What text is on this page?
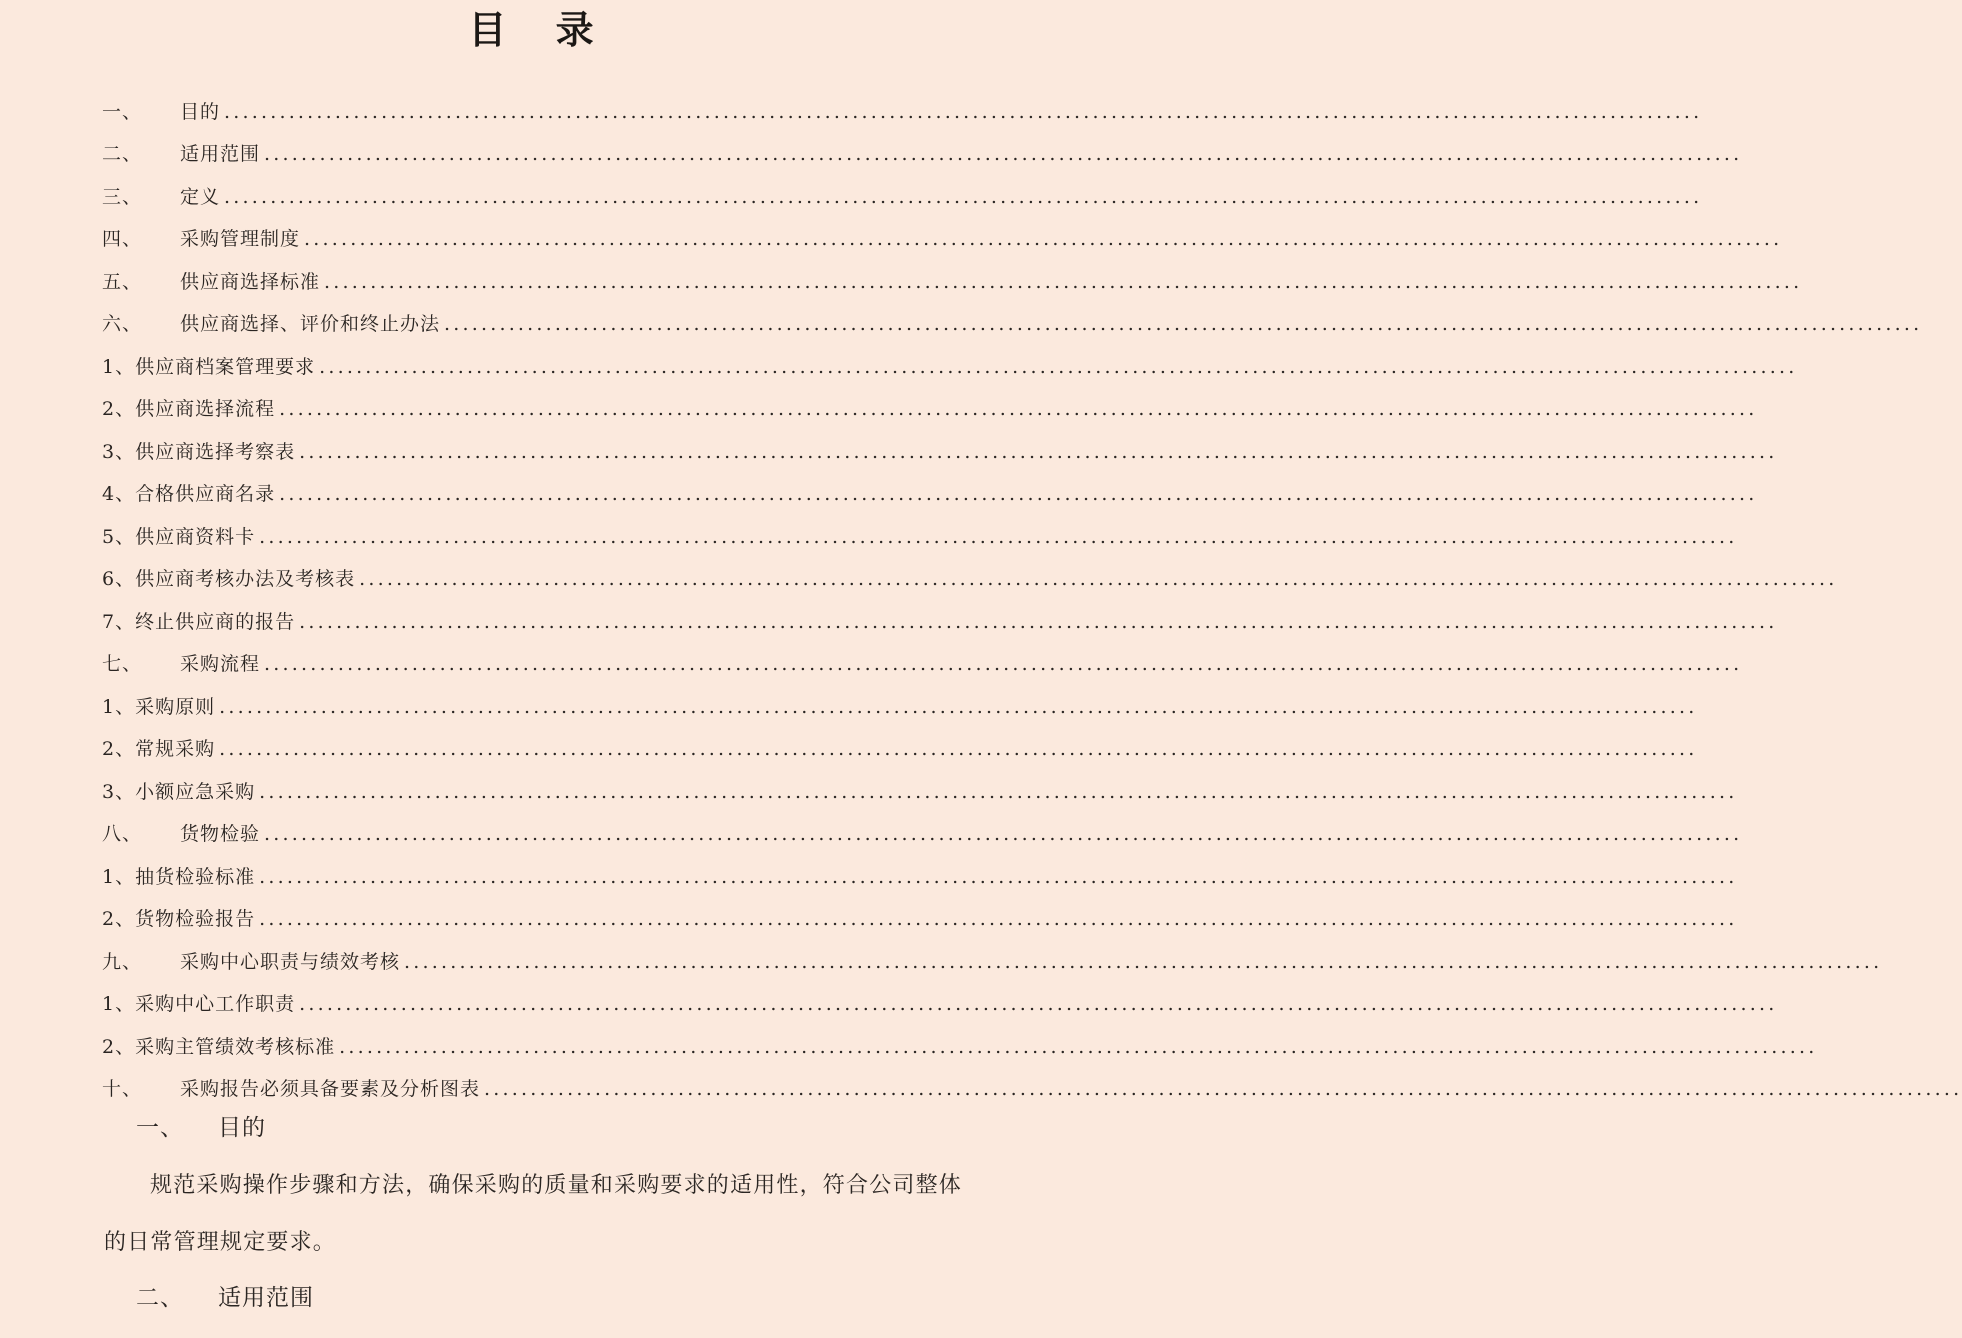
目 录
一、	目的 ................................................................................................................................................................
二、	适用范围 ................................................................................................................................................................
三、	定义 ................................................................................................................................................................
四、	采购管理制度 ................................................................................................................................................................
五、	供应商选择标准 ................................................................................................................................................................
六、	供应商选择、评价和终止办法 ................................................................................................................................................................
1、 供应商档案管理要求 ................................................................................................................................................................
2、 供应商选择流程 ................................................................................................................................................................
3、 供应商选择考察表 ................................................................................................................................................................
4、 合格供应商名录 ................................................................................................................................................................
5、 供应商资料卡 ................................................................................................................................................................
6、 供应商考核办法及考核表 ................................................................................................................................................................
7、 终止供应商的报告 ................................................................................................................................................................
七、	采购流程 ................................................................................................................................................................
1、 采购原则 ................................................................................................................................................................
2、 常规采购 ................................................................................................................................................................
3、 小额应急采购 ................................................................................................................................................................
八、	货物检验 ................................................................................................................................................................
1、 抽货检验标准 ................................................................................................................................................................
2、 货物检验报告 ................................................................................................................................................................
九、	采购中心职责与绩效考核 ................................................................................................................................................................
1、 采购中心工作职责 ................................................................................................................................................................
2、 采购主管绩效考核标准 ................................................................................................................................................................
十、	采购报告必须具备要素及分析图表 ................................................................................................................................................................
一、 目的
规范采购操作步骤和方法，确保采购的质量和采购要求的适用性，符合公司整体的日常管理规定要求。
二、 适用范围
